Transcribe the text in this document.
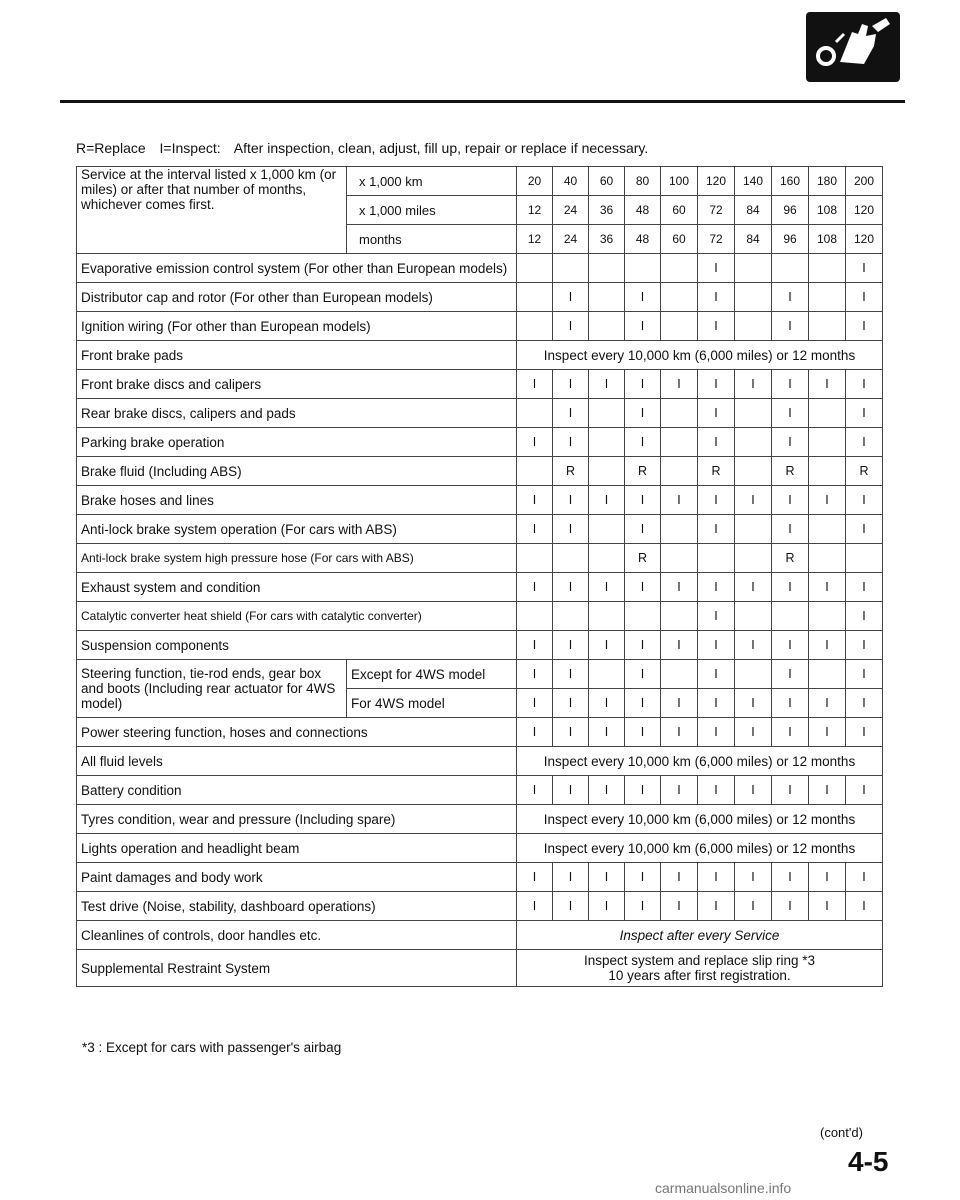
R=Replace I=Inspect: After inspection, clean, adjust, fill up, repair or replace if necessary.
Service at the interval listed x 1,000 km (or miles) or after that number of months, whichever comes first.	x 1,000 km	20	40	60	80	100	120	140	160	180	200
	x 1,000 miles	12	24	36	48	60	72	84	96	108	120
	months	12	24	36	48	60	72	84	96	108	120
Evaporative emission control system (For other than European models)							I				I
Distributor cap and rotor (For other than European models)			I		I		I		I		I
Ignition wiring (For other than European models)			I		I		I		I		I
Front brake pads		Inspect every 10,000 km (6,000 miles) or 12 months									
Front brake discs and calipers		I	I	I	I	I	I	I	I	I	I
Rear brake discs, calipers and pads			I		I		I		I		I
Parking brake operation		I	I		I		I		I		I
Brake fluid (Including ABS)			R		R		R		R		R
Brake hoses and lines		I	I	I	I	I	I	I	I	I	I
Anti-lock brake system operation (For cars with ABS)		I	I		I		I		I		I
Anti-lock brake system high pressure hose (For cars with ABS)					R				R		
Exhaust system and condition		I	I	I	I	I	I	I	I	I	I
Catalytic converter heat shield (For cars with catalytic converter)							I				I
Suspension components		I	I	I	I	I	I	I	I	I	I
Steering function, tie-rod ends, gear box and boots (Including rear actuator for 4WS model)	Except for 4WS model	I	I		I		I		I		I
	For 4WS model	I	I	I	I	I	I	I	I	I	I
Power steering function, hoses and connections		I	I	I	I	I	I	I	I	I	I
All fluid levels		Inspect every 10,000 km (6,000 miles) or 12 months									
Battery condition		I	I	I	I	I	I	I	I	I	I
Tyres condition, wear and pressure (Including spare)		Inspect every 10,000 km (6,000 miles) or 12 months									
Lights operation and headlight beam		Inspect every 10,000 km (6,000 miles) or 12 months									
Paint damages and body work		I	I	I	I	I	I	I	I	I	I
Test drive (Noise, stability, dashboard operations)		I	I	I	I	I	I	I	I	I	I
Cleanlines of controls, door handles etc.		Inspect after every Service									
Supplemental Restraint System		Inspect system and replace slip ring *3
10 years after first registration.									
*3 : Except for cars with passenger's airbag
(cont'd)
4-5
carmanualsonline.info
